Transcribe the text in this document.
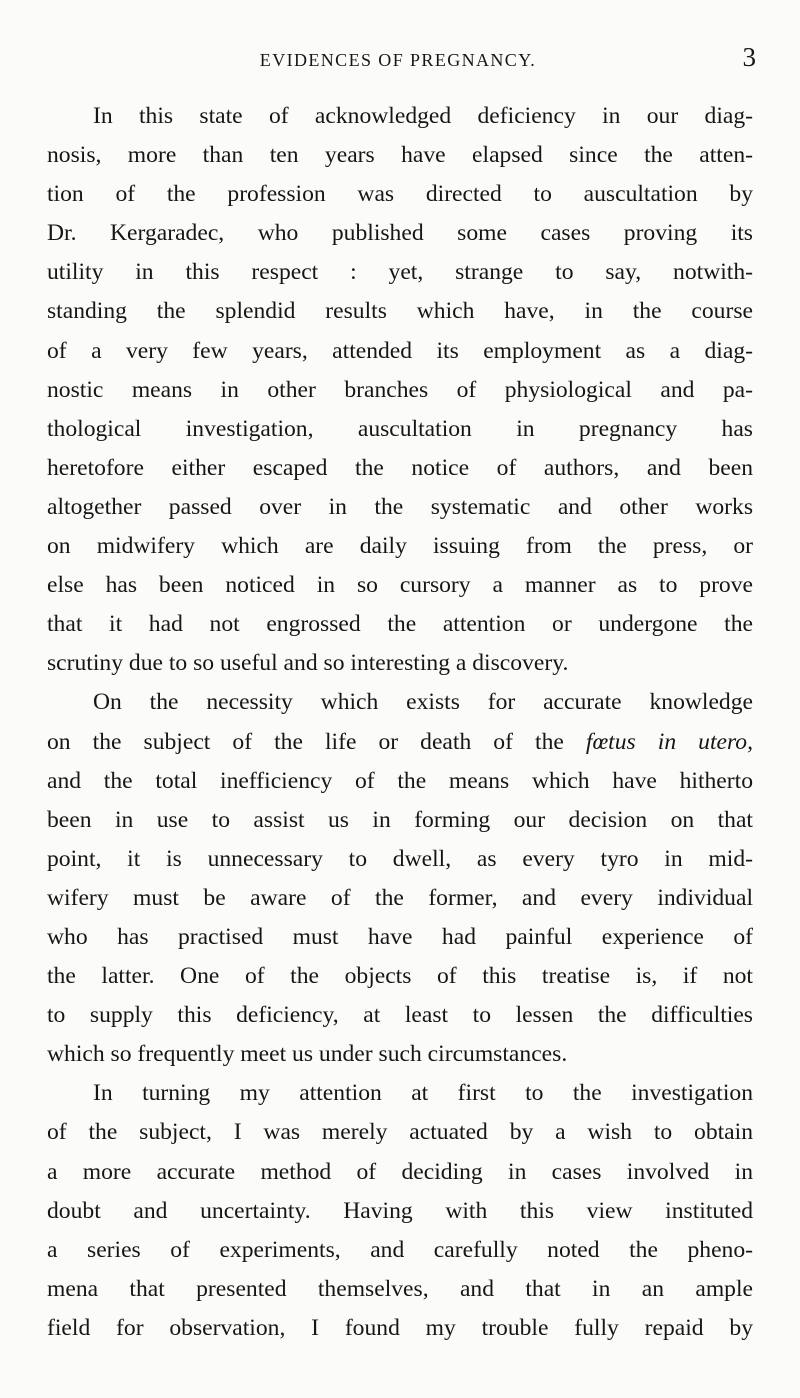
EVIDENCES OF PREGNANCY.	3
In this state of acknowledged deficiency in our diag-
nosis, more than ten years have elapsed since the atten-
tion of the profession was directed to auscultation by
Dr. Kergaradec, who published some cases proving its
utility in this respect : yet, strange to say, notwith-
standing the splendid results which have, in the course
of a very few years, attended its employment as a diag-
nostic means in other branches of physiological and pa-
thological investigation, auscultation in pregnancy has
heretofore either escaped the notice of authors, and been
altogether passed over in the systematic and other works
on midwifery which are daily issuing from the press, or
else has been noticed in so cursory a manner as to prove
that it had not engrossed the attention or undergone the
scrutiny due to so useful and so interesting a discovery.
On the necessity which exists for accurate knowledge
on the subject of the life or death of the fœtus in utero,
and the total inefficiency of the means which have hitherto
been in use to assist us in forming our decision on that
point, it is unnecessary to dwell, as every tyro in mid-
wifery must be aware of the former, and every individual
who has practised must have had painful experience of
the latter. One of the objects of this treatise is, if not
to supply this deficiency, at least to lessen the difficulties
which so frequently meet us under such circumstances.
In turning my attention at first to the investigation
of the subject, I was merely actuated by a wish to obtain
a more accurate method of deciding in cases involved in
doubt and uncertainty. Having with this view instituted
a series of experiments, and carefully noted the pheno-
mena that presented themselves, and that in an ample
field for observation, I found my trouble fully repaid by
